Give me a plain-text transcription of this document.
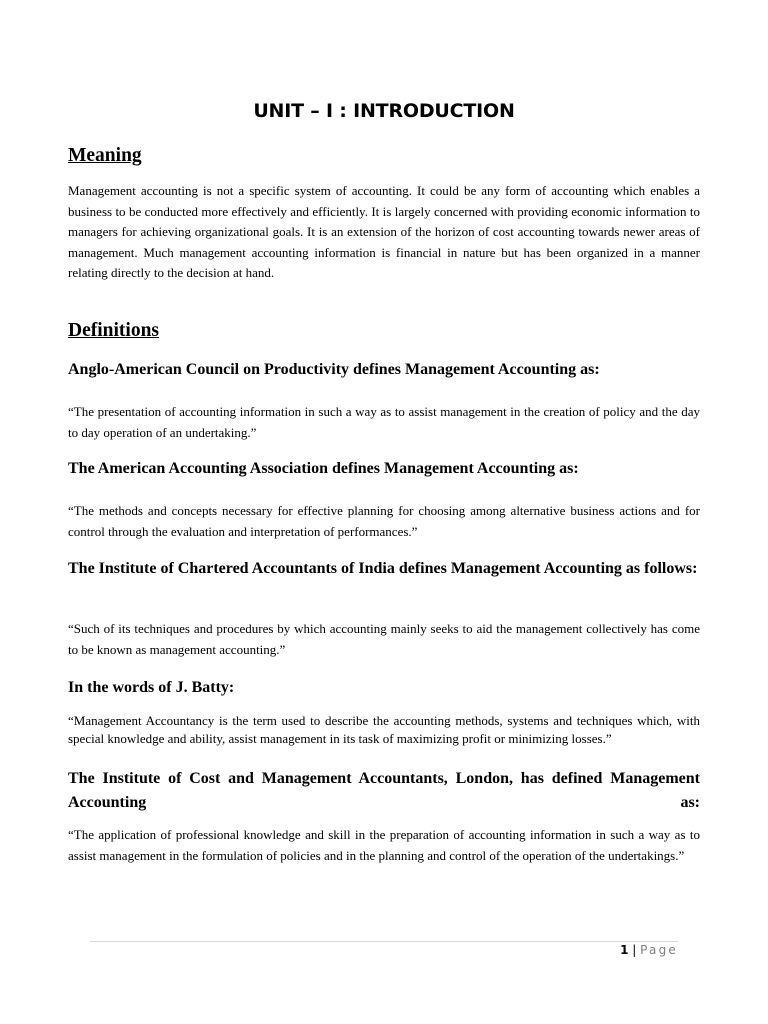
UNIT – I : INTRODUCTION
Meaning

Management accounting is not a specific system of accounting. It could be any form of accounting which enables a business to be conducted more effectively and efficiently. It is largely concerned with providing economic information to managers for achieving organizational goals. It is an extension of the horizon of cost accounting towards newer areas of management. Much management accounting information is financial in nature but has been organized in a manner relating directly to the decision at hand.

Definitions
Anglo-American Council on Productivity defines Management Accounting as:

“The presentation of accounting information in such a way as to assist management in the creation of policy and the day to day operation of an undertaking.”

The American Accounting Association defines Management Accounting as:

“The methods and concepts necessary for effective planning for choosing among alternative business actions and for control through the evaluation and interpretation of performances.”

The Institute of Chartered Accountants of India defines Management Accounting as follows:

“Such of its techniques and procedures by which accounting mainly seeks to aid the management collectively has come to be known as management accounting.”

In the words of J. Batty:

“Management Accountancy is the term used to describe the accounting methods, systems and techniques which, with special knowledge and ability, assist management in its task of maximizing profit or minimizing losses.”

The Institute of Cost and Management Accountants, London, has defined Management Accounting as:

“The application of professional knowledge and skill in the preparation of accounting information in such a way as to assist management in the formulation of policies and in the planning and control of the operation of the undertakings.”

1 | Page
